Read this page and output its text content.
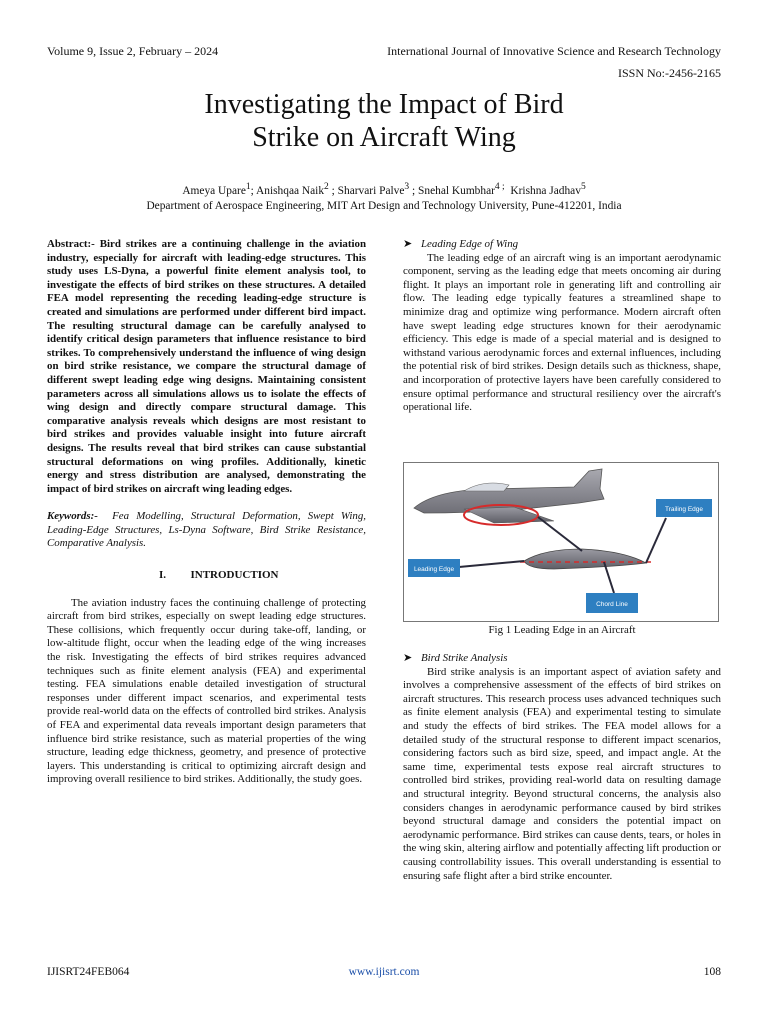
Volume 9, Issue 2, February – 2024	International Journal of Innovative Science and Research Technology
ISSN No:-2456-2165
Investigating the Impact of Bird
Strike on Aircraft Wing
Ameya Upare$^1$; Anishqaa Naik$^2$ ; Sharvari Palve$^3$ ; Snehal Kumbhar$^{4 ;}$ Krishna Jadhav$^5$
Department of Aerospace Engineering, MIT Art Design and Technology University, Pune-412201, India

Abstract:- Bird strikes are a continuing challenge in the aviation industry, especially for aircraft with leading-edge structures. This study uses LS-Dyna, a powerful finite element analysis tool, to investigate the effects of bird strikes on these structures. A detailed FEA model representing the receding leading-edge structure is created and simulations are performed under different bird impact. The resulting structural damage can be carefully analysed to identify critical design parameters that influence resistance to bird strikes. To comprehensively understand the influence of wing design on bird strike resistance, we compare the structural damage of different swept leading edge wing designs. Maintaining consistent parameters across all simulations allows us to isolate the effects of wing design and directly compare structural damage. This comparative analysis reveals which designs are most resistant to bird strikes and provides valuable insight into future aircraft designs. The results reveal that bird strikes can cause substantial structural deformations on wing profiles. Additionally, kinetic energy and stress distribution are analysed, demonstrating the impact of bird strikes on aircraft wing leading edges.

Keywords:-  Fea Modelling, Structural Deformation, Swept Wing, Leading-Edge Structures, Ls-Dyna Software, Bird Strike Resistance, Comparative Analysis.

I. INTRODUCTION

The aviation industry faces the continuing challenge of protecting aircraft from bird strikes, especially on swept leading edge structures. These collisions, which frequently occur during take-off, landing, or low-altitude flight, occur when the leading edge of the wing increases the risk. Investigating the effects of bird strikes requires advanced techniques such as finite element analysis (FEA) and experimental testing. FEA simulations enable detailed investigation of structural responses under different impact scenarios, and experimental tests provide real-world data on the effects of controlled bird strikes. Analysis of FEA and experimental data reveals important design parameters that influence bird strike resistance, such as material properties of the wing structure, leading edge thickness, geometry, and presence of protective layers. This understanding is critical to optimizing aircraft design and improving overall resilience to bird strikes. Additionally, the study goes.

➤ Leading Edge of Wing

The leading edge of an aircraft wing is an important aerodynamic component, serving as the leading edge that meets oncoming air during flight. It plays an important role in generating lift and controlling air flow. The leading edge typically features a streamlined shape to minimize drag and optimize wing performance. Modern aircraft often have swept leading edge structures known for their aerodynamic efficiency. This edge is made of a special material and is designed to withstand various aerodynamic forces and external influences, including the potential risk of bird strikes. Design details such as thickness, shape, and incorporation of protective layers have been carefully considered to ensure optimal performance and structural resiliency over the aircraft's operational life.

Trailing Edge
Leading Edge
Chord Line
Fig 1 Leading Edge in an Aircraft
➤ Bird Strike Analysis

Bird strike analysis is an important aspect of aviation safety and involves a comprehensive assessment of the effects of bird strikes on aircraft structures. This research process uses advanced techniques such as finite element analysis (FEA) and experimental testing to simulate and study the effects of bird strikes. The FEA model allows for a detailed study of the structural response to different impact scenarios, considering factors such as bird size, speed, and impact angle. At the same time, experimental tests expose real aircraft structures to controlled bird strikes, providing real-world data on resulting damage and structural integrity. Beyond structural concerns, the analysis also considers changes in aerodynamic performance caused by bird strikes beyond structural damage and considers the potential impact on aerodynamic performance. Bird strikes can cause dents, tears, or holes in the wing skin, altering airflow and potentially affecting lift production or causing controllability issues. This overall understanding is essential to ensuring safe flight after a bird strike encounter.

IJISRT24FEB064	www.ijisrt.com	108
